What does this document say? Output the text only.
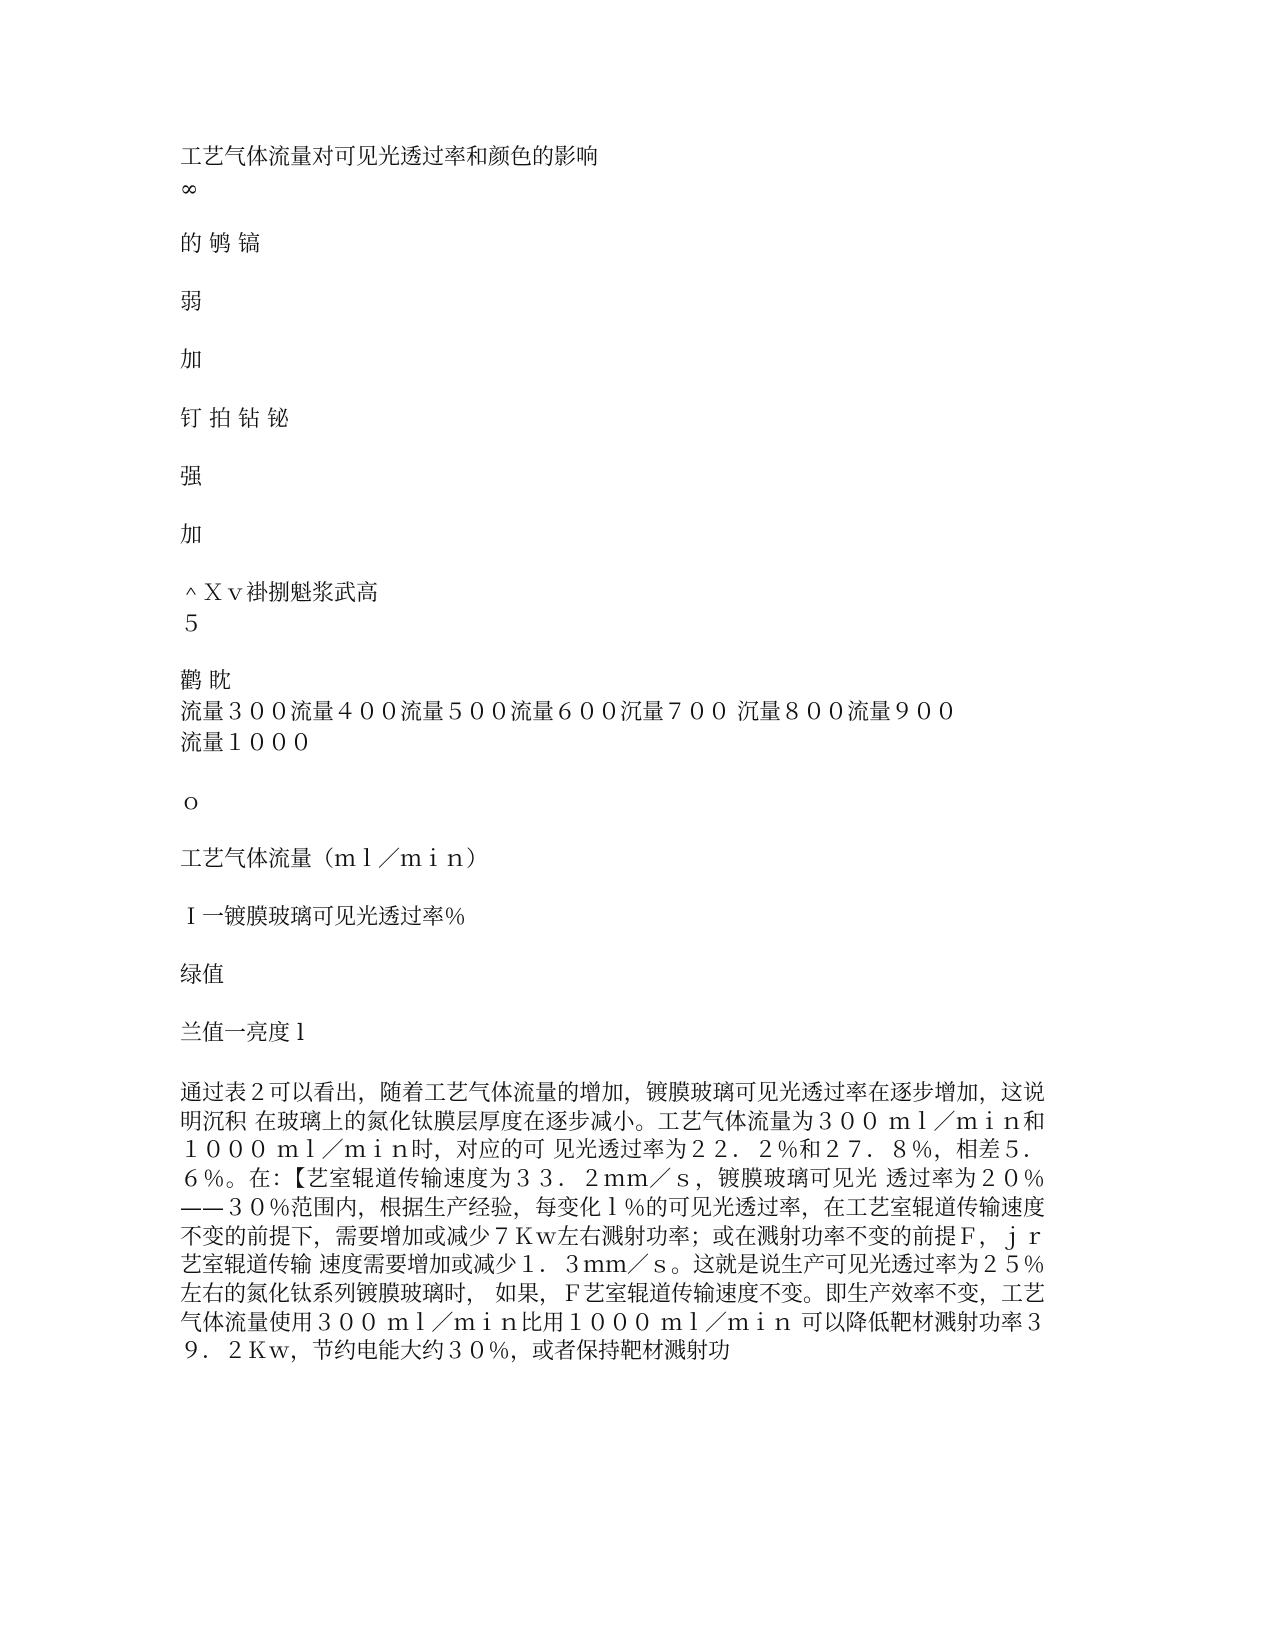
工艺气体流量对可见光透过率和颜色的影响
∞
的 鸲 镐
弱
加
钉 拍 钻 铋
强
加
＾Ｘｖ褂捌魁浆武高
５
鹳 眈
流量３００流量４００流量５００流量６００沉量７００ 沉量８００流量９００
流量１０００
ｏ
工艺气体流量（ｍｌ／ｍｉｎ）
Ｉ一镀膜玻璃可见光透过率％
绿值
兰值一亮度 l
通过表２可以看出，随着工艺气体流量的增加，镀膜玻璃可见光透过率在逐步增加，这说明沉积 在玻璃上的氮化钛膜层厚度在逐步减小。工艺气体流量为３００ ｍｌ／ｍｉｎ和１０００ ｍｌ／ｍｉｎ时，对应的可 见光透过率为２２．２％和２７．８％，相差５．６％。在：【艺室辊道传输速度为３３．２ｍｍ／ｓ，镀膜玻璃可见光 透过率为２０％——３０％范围内，根据生产经验，每变化ｌ％的可见光透过率，在工艺室辊道传输速度 不变的前提下，需要增加或减少７Ｋｗ左右溅射功率；或在溅射功率不变的前提Ｆ，ｊｒ艺室辊道传输 速度需要增加或减少１．３ｍｍ／ｓ。这就是说生产可见光透过率为２５％左右的氮化钛系列镀膜玻璃时， 如果，Ｆ艺室辊道传输速度不变。即生产效率不变，工艺气体流量使用３００ ｍｌ／ｍｉｎ比用１０００ ｍｌ／ｍｉｎ 可以降低靶材溅射功率３９．２Ｋｗ，节约电能大约３０％，或者保持靶材溅射功
